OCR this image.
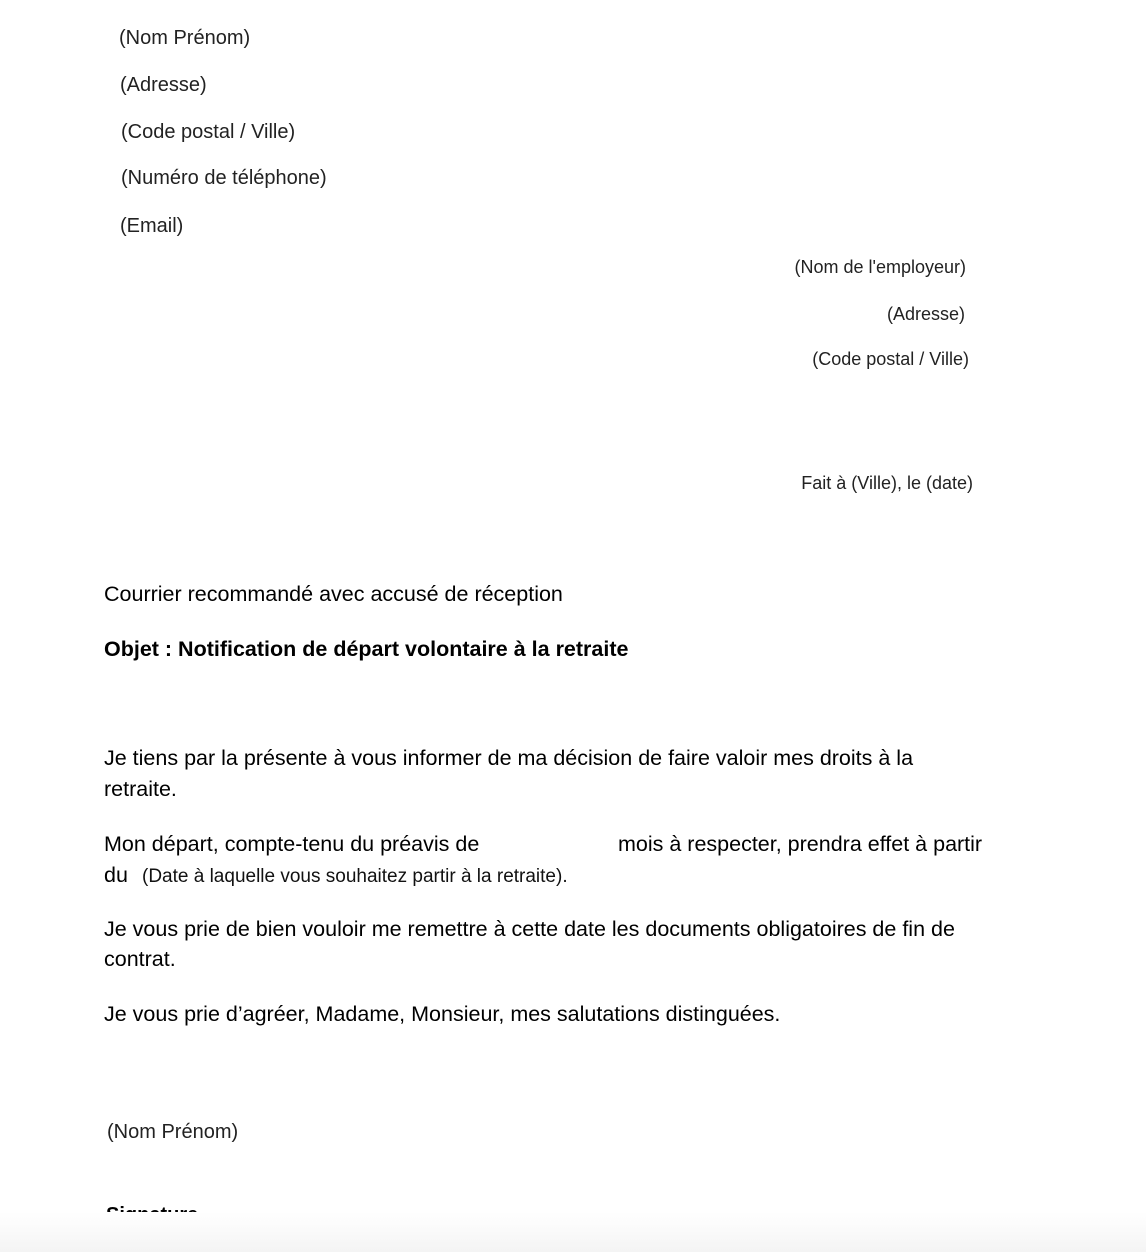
(Nom Prénom)
(Adresse)
(Code postal / Ville)
(Numéro de téléphone)
(Email)
(Nom de l'employeur)
(Adresse)
(Code postal / Ville)
Fait à (Ville), le (date)
Courrier recommandé avec accusé de réception
Objet : Notification de départ volontaire à la retraite
Je tiens par la présente à vous informer de ma décision de faire valoir mes droits à la
retraite.
Mon départ, compte-tenu du préavis de	mois à respecter, prendra effet à partir
du (Date à laquelle vous souhaitez partir à la retraite).
Je vous prie de bien vouloir me remettre à cette date les documents obligatoires de fin de
contrat.
Je vous prie d’agréer, Madame, Monsieur, mes salutations distinguées.
(Nom Prénom)
